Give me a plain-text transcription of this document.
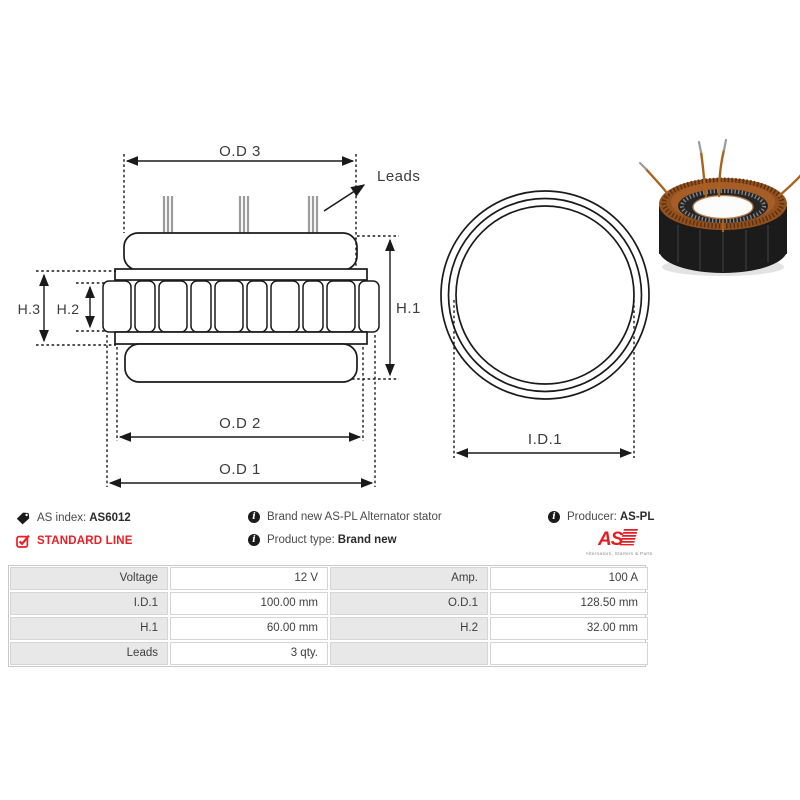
O.D 3
Leads
H.1
H.3 H.2
O.D 2
O.D 1
I.D.1
AS index: AS6012
STANDARD LINE
i Brand new AS-PL Alternator stator
i Product type: Brand new
i Producer: AS-PL
AS
Alternators, Starters & Parts
Voltage	12 V	Amp.	100 A
I.D.1	100.00 mm	O.D.1	128.50 mm
H.1	60.00 mm	H.2	32.00 mm
Leads	3 qty.
